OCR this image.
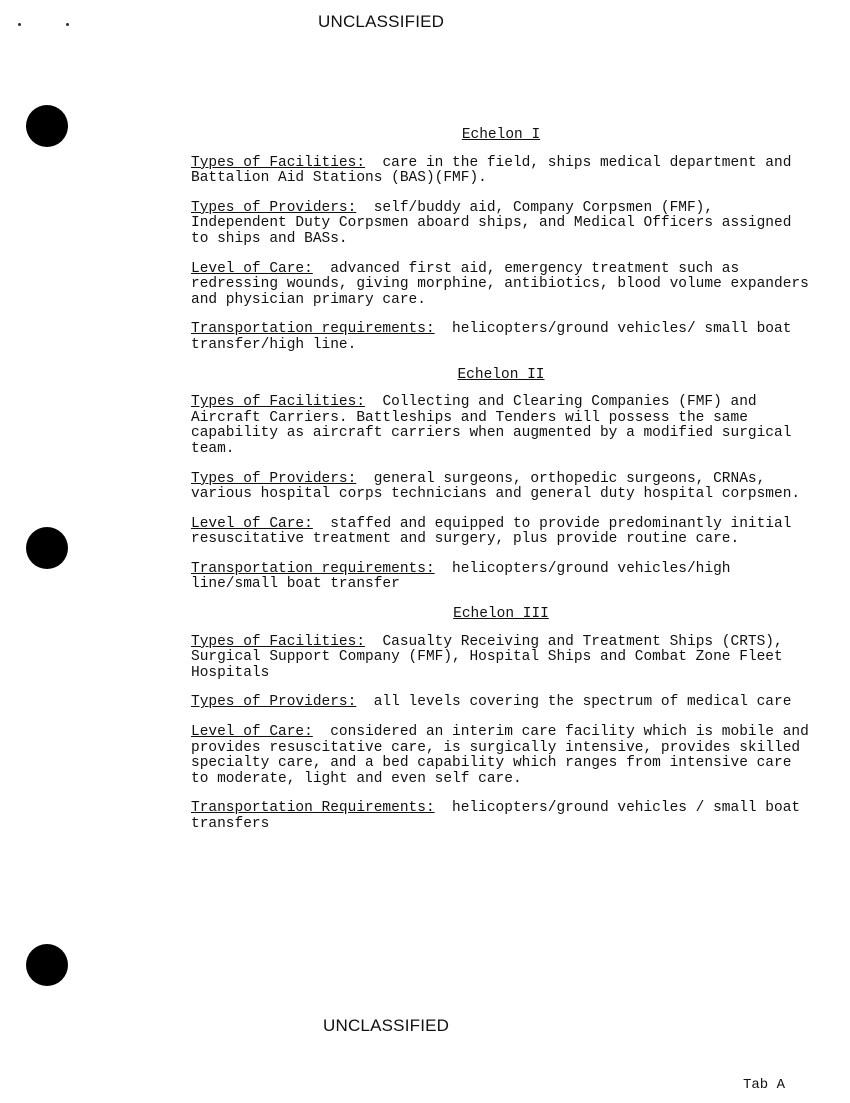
UNCLASSIFIED
Echelon I

Types of Facilities: care in the field, ships medical department and Battalion Aid Stations (BAS)(FMF).

Types of Providers: self/buddy aid, Company Corpsmen (FMF), Independent Duty Corpsmen aboard ships, and Medical Officers assigned to ships and BASs.

Level of Care: advanced first aid, emergency treatment such as redressing wounds, giving morphine, antibiotics, blood volume expanders and physician primary care.

Transportation requirements: helicopters/ground vehicles/ small boat transfer/high line.

Echelon II

Types of Facilities: Collecting and Clearing Companies (FMF) and Aircraft Carriers. Battleships and Tenders will possess the same capability as aircraft carriers when augmented by a modified surgical team.

Types of Providers: general surgeons, orthopedic surgeons, CRNAs, various hospital corps technicians and general duty hospital corpsmen.

Level of Care: staffed and equipped to provide predominantly initial resuscitative treatment and surgery, plus provide routine care.

Transportation requirements: helicopters/ground vehicles/high line/small boat transfer

Echelon III

Types of Facilities: Casualty Receiving and Treatment Ships (CRTS), Surgical Support Company (FMF), Hospital Ships and Combat Zone Fleet Hospitals

Types of Providers: all levels covering the spectrum of medical care

Level of Care: considered an interim care facility which is mobile and provides resuscitative care, is surgically intensive, provides skilled specialty care, and a bed capability which ranges from intensive care to moderate, light and even self care.

Transportation Requirements: helicopters/ground vehicles / small boat transfers

UNCLASSIFIED
Tab A
